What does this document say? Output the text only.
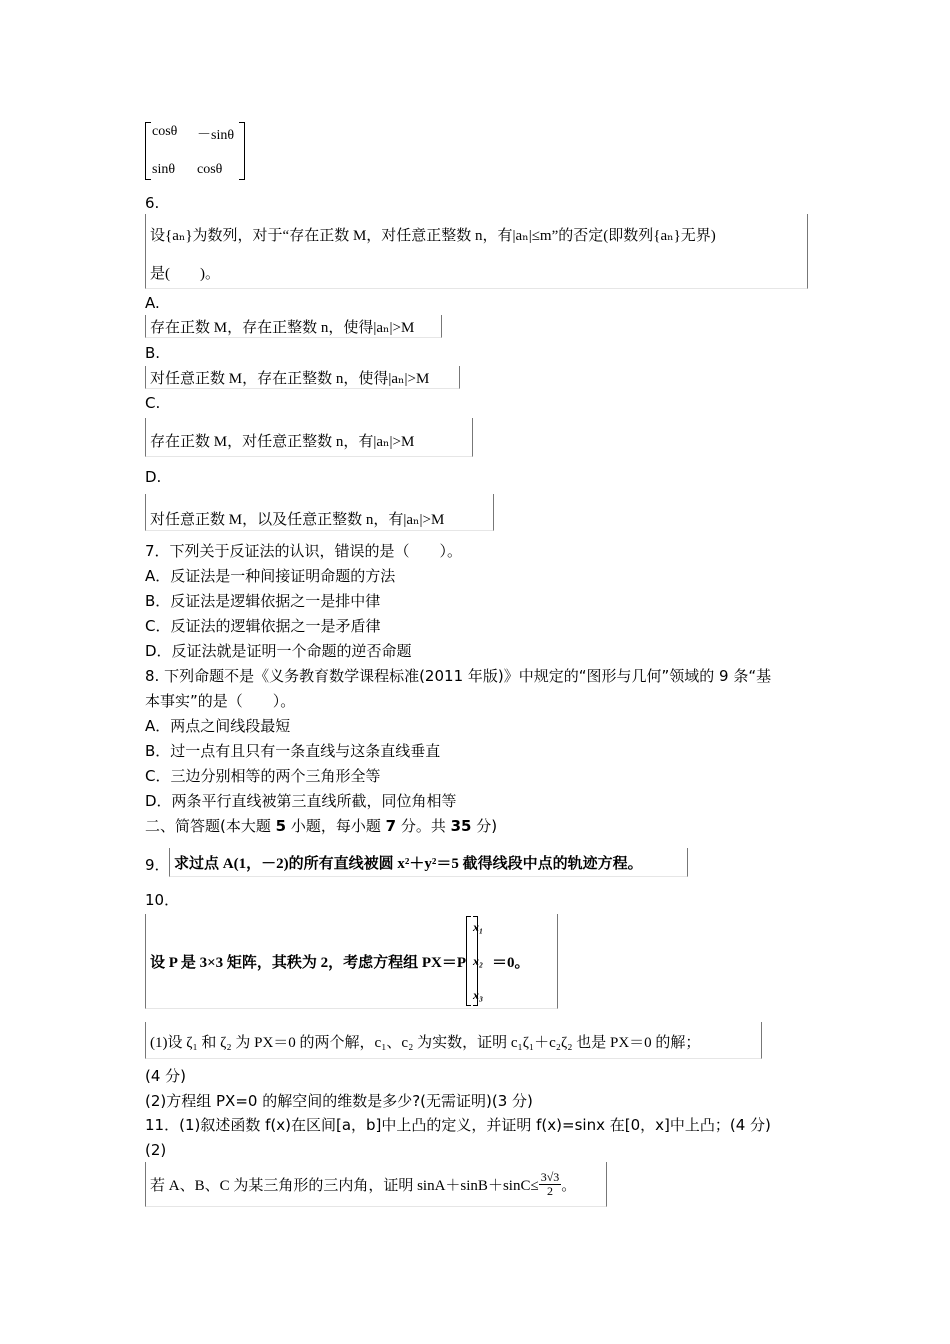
cosθ －sinθ
sinθ cosθ
6.
设{aₙ}为数列，对于“存在正数 M，对任意正整数 n，有|aₙ|≤m”的否定(即数列{aₙ}无界)
是(　　)。
A.
存在正数 M，存在正整数 n，使得|aₙ|>M
B.
对任意正数 M，存在正整数 n，使得|aₙ|>M
C.
存在正数 M，对任意正整数 n，有|aₙ|>M
D.
对任意正数 M，以及任意正整数 n，有|aₙ|>M
7．下列关于反证法的认识，错误的是（　　）。
A．反证法是一种间接证明命题的方法
B．反证法是逻辑依据之一是排中律
C．反证法的逻辑依据之一是矛盾律
D．反证法就是证明一个命题的逆否命题
8. 下列命题不是《义务教育数学课程标准(2011 年版)》中规定的“图形与几何”领域的 9 条“基
本事实”的是（　　）。
A．两点之间线段最短
B．过一点有且只有一条直线与这条直线垂直
C．三边分别相等的两个三角形全等
D．两条平行直线被第三直线所截，同位角相等
二、简答题(本大题 5 小题，每小题 7 分。共 35 分)
9． 求过点 A(1，－2)的所有直线被圆 x²＋y²＝5 截得线段中点的轨迹方程。
10．
设 P 是 3×3 矩阵，其秩为 2，考虑方程组 PX＝P
x₁
x₂
x₃
＝0。
(1)设 ζ₁ 和 ζ₂ 为 PX＝0 的两个解，c₁、c₂ 为实数，证明 c₁ζ₁＋c₂ζ₂ 也是 PX＝0 的解；
(4 分)
(2)方程组 PX=0 的解空间的维数是多少?(无需证明)(3 分)
11．(1)叙述函数 f(x)在区间[a，b]中上凸的定义，并证明 f(x)=sinx 在[0，x]中上凸；(4 分)
(2)
若 A、B、C 为某三角形的三内角，证明 $\sin A+\sin B+\sin C\le \frac{3√3}{2}$ 。
